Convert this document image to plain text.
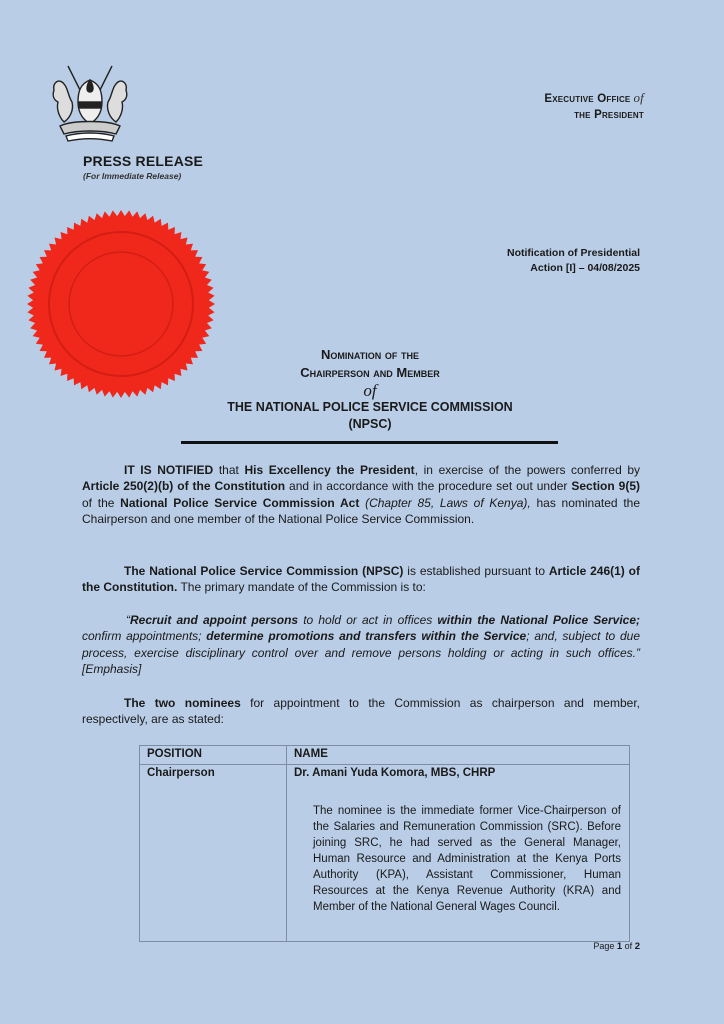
Executive Office of
the President
PRESS RELEASE
(For Immediate Release)
Notification of Presidential
Action [I] – 04/08/2025
Nomination of the
Chairperson and Member
of
THE NATIONAL POLICE SERVICE COMMISSION
(NPSC)
IT IS NOTIFIED that His Excellency the President, in exercise of the powers conferred by Article 250(2)(b) of the Constitution and in accordance with the procedure set out under Section 9(5) of the National Police Service Commission Act (Chapter 85, Laws of Kenya), has nominated the Chairperson and one member of the National Police Service Commission.
The National Police Service Commission (NPSC) is established pursuant to Article 246(1) of the Constitution. The primary mandate of the Commission is to:
“Recruit and appoint persons to hold or act in offices within the National Police Service; confirm appointments; determine promotions and transfers within the Service; and, subject to due process, exercise disciplinary control over and remove persons holding or acting in such offices.” [Emphasis]
The two nominees for appointment to the Commission as chairperson and member, respectively, are as stated:
POSITION	NAME
Chairperson	Dr. Amani Yuda Komora, MBS, CHRP
	The nominee is the immediate former Vice-Chairperson of the Salaries and Remuneration Commission (SRC). Before joining SRC, he had served as the General Manager, Human Resource and Administration at the Kenya Ports Authority (KPA), Assistant Commissioner, Human Resources at the Kenya Revenue Authority (KRA) and Member of the National General Wages Council.
Page 1 of 2
